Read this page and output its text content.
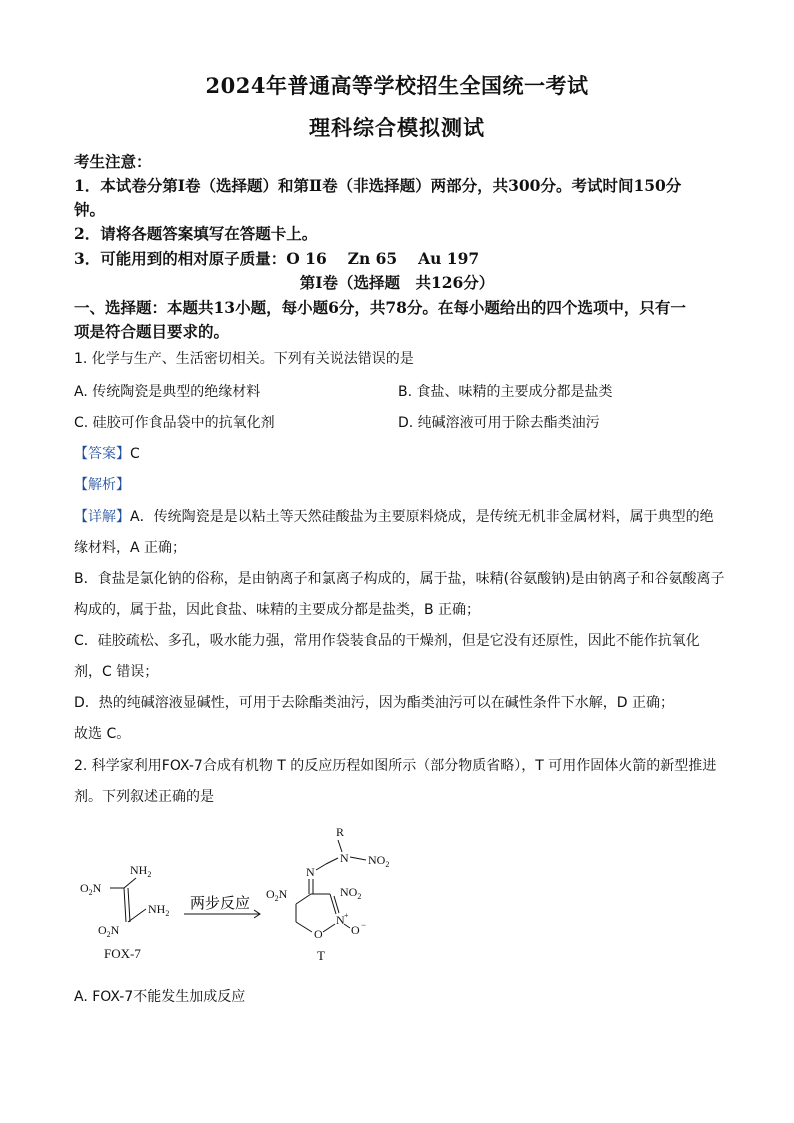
2024年普通高等学校招生全国统一考试
理科综合模拟测试
考生注意：
1．本试卷分第Ⅰ卷（选择题）和第Ⅱ卷（非选择题）两部分，共300分。考试时间150分
钟。
2．请将各题答案填写在答题卡上。
3．可能用到的相对原子质量：O 16　 Zn 65　 Au 197
第Ⅰ卷（选择题　共126分）
一、选择题：本题共13小题，每小题6分，共78分。在每小题给出的四个选项中，只有一
项是符合题目要求的。
1. 化学与生产、生活密切相关。下列有关说法错误的是
A. 传统陶瓷是典型的绝缘材料	B. 食盐、味精的主要成分都是盐类
C. 硅胶可作食品袋中的抗氧化剂	D. 纯碱溶液可用于除去酯类油污
【答案】C
【解析】
【详解】A．传统陶瓷是是以粘土等天然硅酸盐为主要原料烧成，是传统无机非金属材料，属于典型的绝
缘材料，A 正确；
B．食盐是氯化钠的俗称，是由钠离子和氯离子构成的，属于盐，味精(谷氨酸钠)是由钠离子和谷氨酸离子
构成的，属于盐，因此食盐、味精的主要成分都是盐类，B 正确；
C．硅胶疏松、多孔，吸水能力强，常用作袋装食品的干燥剂，但是它没有还原性，因此不能作抗氧化
剂，C 错误；
D．热的纯碱溶液显碱性，可用于去除酯类油污，因为酯类油污可以在碱性条件下水解，D 正确；
故选 C。
2. 科学家利用FOX-7合成有机物 T 的反应历程如图所示（部分物质省略），T 可用作固体火箭的新型推进
剂。下列叙述正确的是
$NH_2$
$NH_2$
$O_2N$
$O_2N$
FOX-7
两步反应
R
N $NO_2$
N
$O_2N$	$NO_2$
N +
O −
O
T
A. FOX-7不能发生加成反应
